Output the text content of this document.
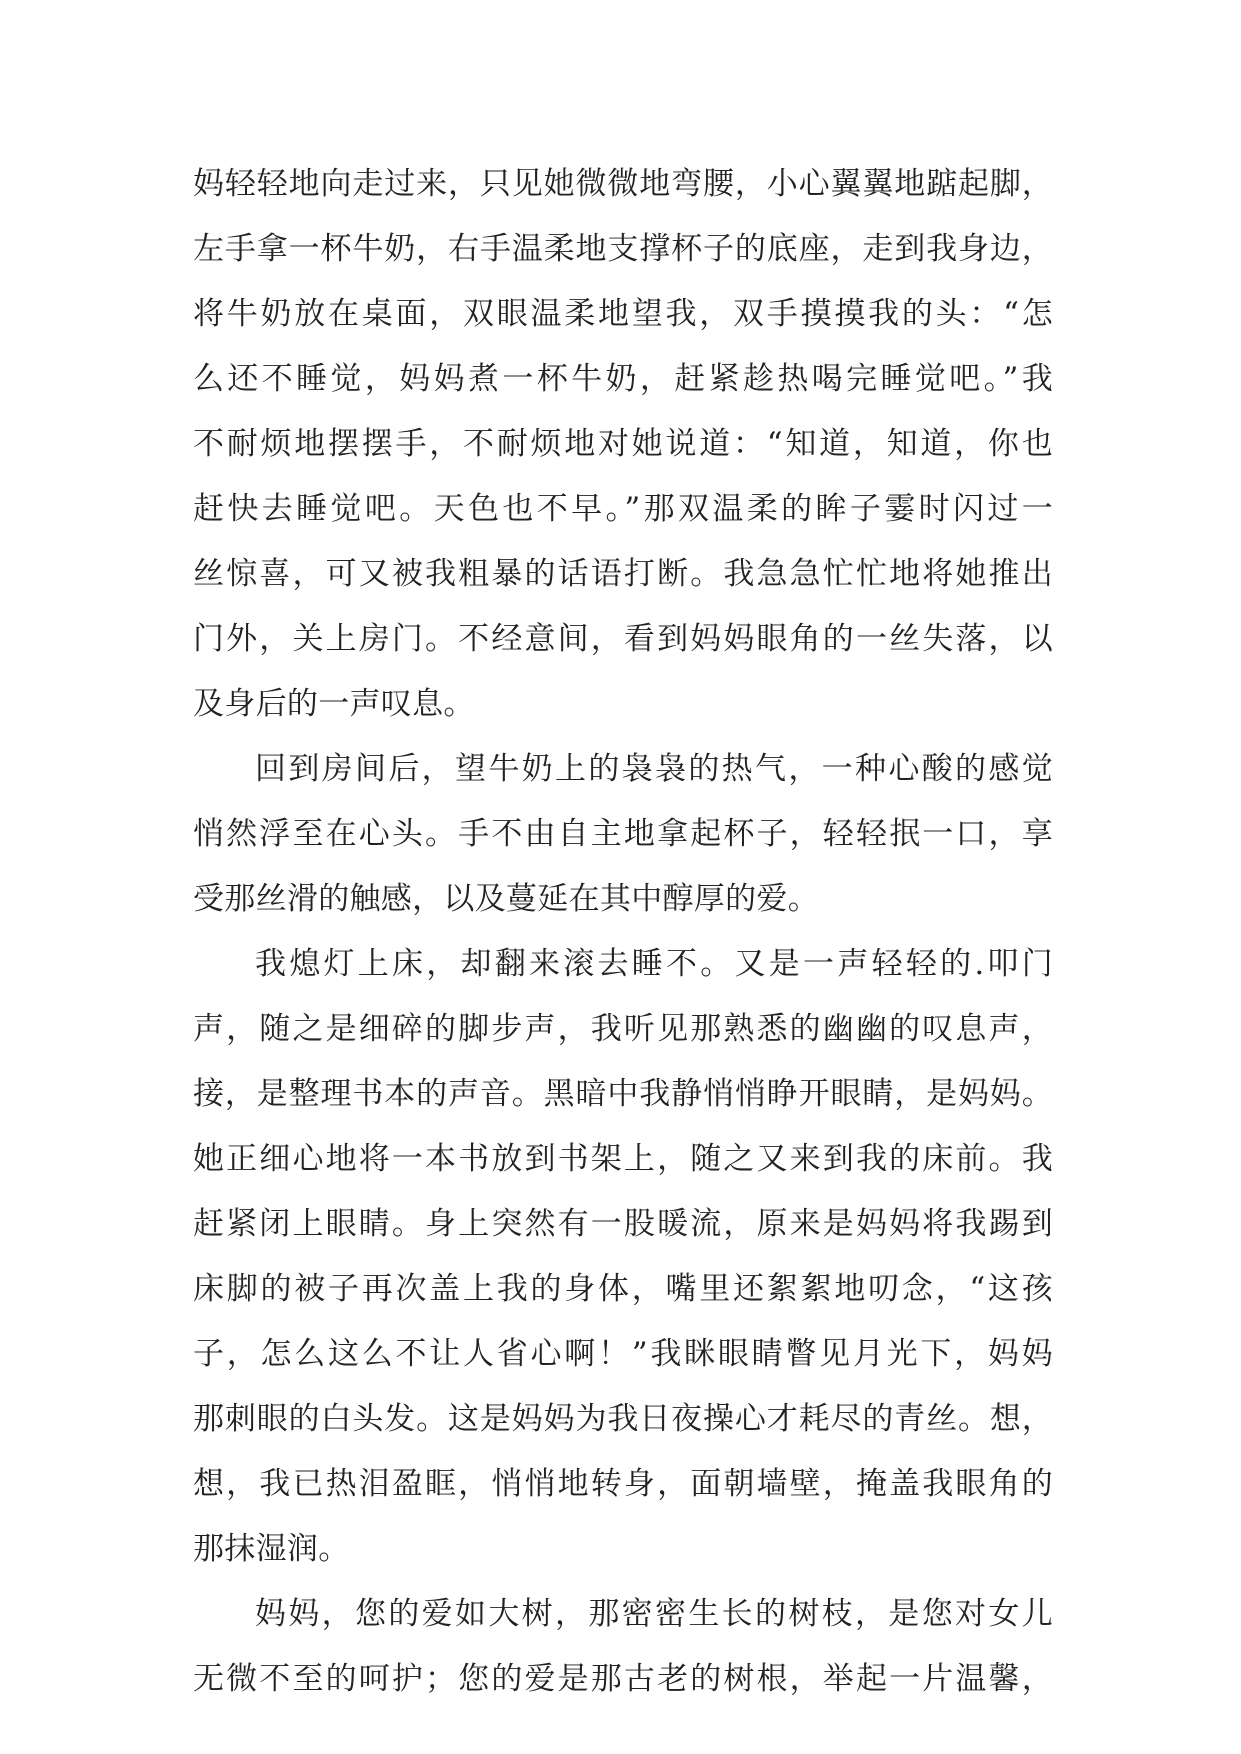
妈轻轻地向走过来，只见她微微地弯腰，小心翼翼地踮起脚，
左手拿一杯牛奶，右手温柔地支撑杯子的底座，走到我身边，
将牛奶放在桌面，双眼温柔地望我，双手摸摸我的头：“怎
么还不睡觉，妈妈煮一杯牛奶，赶紧趁热喝完睡觉吧。”我
不耐烦地摆摆手，不耐烦地对她说道：“知道，知道，你也
赶快去睡觉吧。天色也不早。”那双温柔的眸子霎时闪过一
丝惊喜，可又被我粗暴的话语打断。我急急忙忙地将她推出
门外，关上房门。不经意间，看到妈妈眼角的一丝失落，以
及身后的一声叹息。
回到房间后，望牛奶上的袅袅的热气，一种心酸的感觉
悄然浮至在心头。手不由自主地拿起杯子，轻轻抿一口，享
受那丝滑的触感，以及蔓延在其中醇厚的爱。
我熄灯上床，却翻来滚去睡不。又是一声轻轻的.叩门
声，随之是细碎的脚步声，我听见那熟悉的幽幽的叹息声，
接，是整理书本的声音。黑暗中我静悄悄睁开眼睛，是妈妈。
她正细心地将一本书放到书架上，随之又来到我的床前。我
赶紧闭上眼睛。身上突然有一股暖流，原来是妈妈将我踢到
床脚的被子再次盖上我的身体，嘴里还絮絮地叨念，“这孩
子，怎么这么不让人省心啊！”我眯眼睛瞥见月光下，妈妈
那刺眼的白头发。这是妈妈为我日夜操心才耗尽的青丝。想，
想，我已热泪盈眶，悄悄地转身，面朝墙壁，掩盖我眼角的
那抹湿润。
妈妈，您的爱如大树，那密密生长的树枝，是您对女儿
无微不至的呵护；您的爱是那古老的树根，举起一片温馨，
